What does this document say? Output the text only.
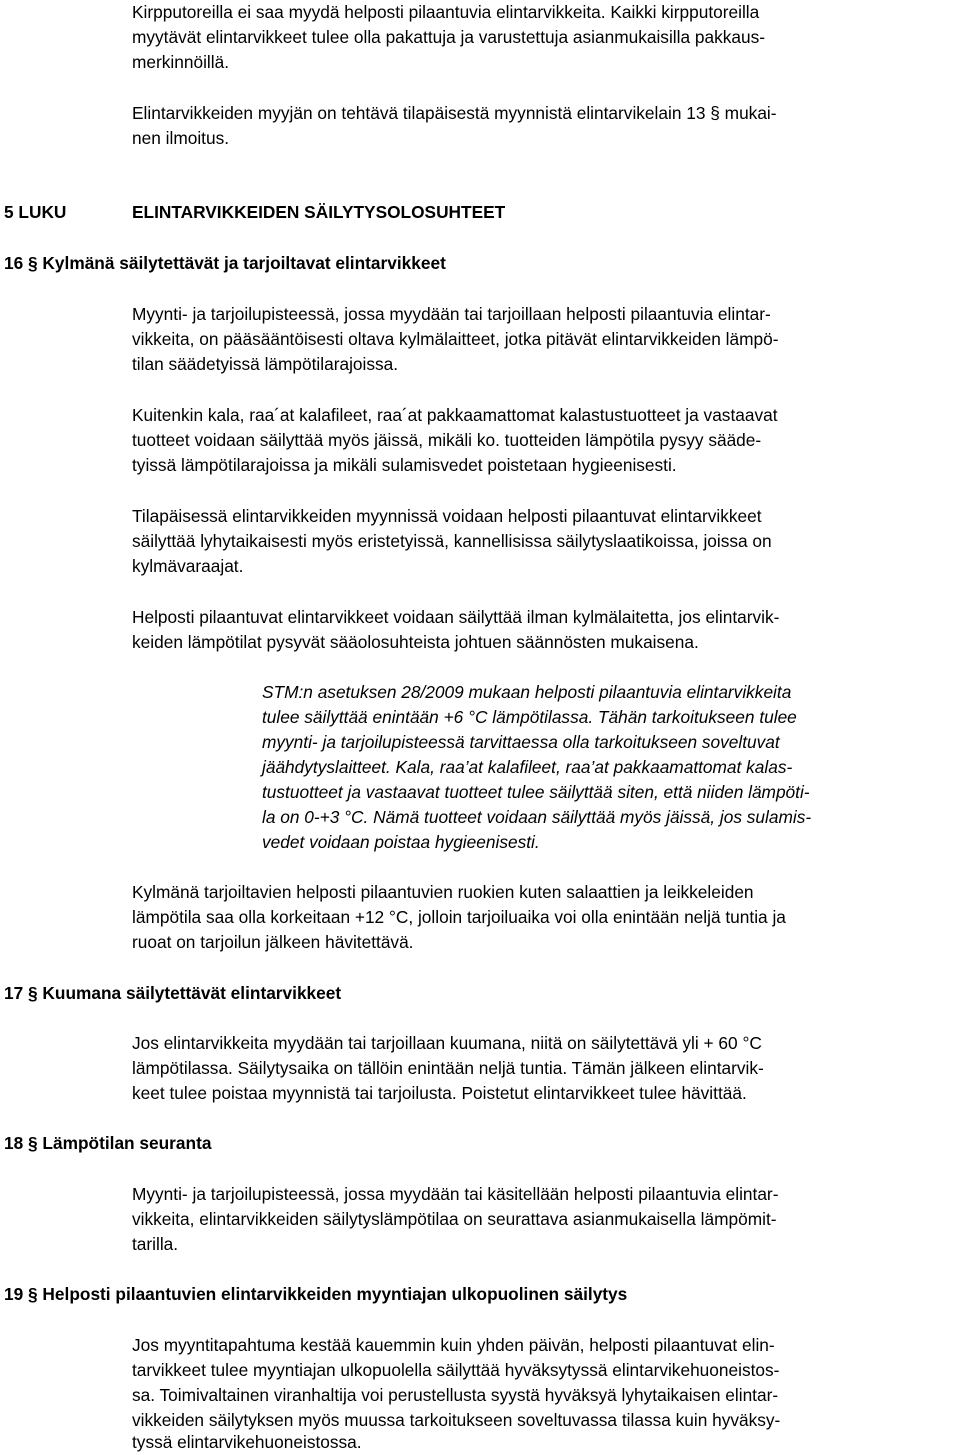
Kirpputoreilla ei saa myydä helposti pilaantuvia elintarvikkeita. Kaikki kirpputoreilla
myytävät elintarvikkeet tulee olla pakattuja ja varustettuja asianmukaisilla pakkaus-
merkinnöillä.
Elintarvikkeiden myyjän on tehtävä tilapäisestä myynnistä elintarvikelain 13 § mukai-
nen ilmoitus.
5 LUKU	ELINTARVIKKEIDEN SÄILYTYSOLOSUHTEET
16 § Kylmänä säilytettävät ja tarjoiltavat elintarvikkeet
Myynti- ja tarjoilupisteessä, jossa myydään tai tarjoillaan helposti pilaantuvia elintar-
vikkeita, on pääsääntöisesti oltava kylmälaitteet, jotka pitävät elintarvikkeiden lämpö-
tilan säädetyissä lämpötilarajoissa.
Kuitenkin kala, raa´at kalafileet, raa´at pakkaamattomat kalastustuotteet ja vastaavat
tuotteet voidaan säilyttää myös jäissä, mikäli ko. tuotteiden lämpötila pysyy sääde-
tyissä lämpötilarajoissa ja mikäli sulamisvedet poistetaan hygieenisesti.
Tilapäisessä elintarvikkeiden myynnissä voidaan helposti pilaantuvat elintarvikkeet
säilyttää lyhytaikaisesti myös eristetyissä, kannellisissa säilytyslaatikoissa, joissa on
kylmävaraajat.
Helposti pilaantuvat elintarvikkeet voidaan säilyttää ilman kylmälaitetta, jos elintarvik-
keiden lämpötilat pysyvät sääolosuhteista johtuen säännösten mukaisena.
STM:n asetuksen 28/2009 mukaan helposti pilaantuvia elintarvikkeita
tulee säilyttää enintään +6 °C lämpötilassa. Tähän tarkoitukseen tulee
myynti- ja tarjoilupisteessä tarvittaessa olla tarkoitukseen soveltuvat
jäähdytyslaitteet. Kala, raa’at kalafileet, raa’at pakkaamattomat kalas-
tustuotteet ja vastaavat tuotteet tulee säilyttää siten, että niiden lämpöti-
la on 0-+3 °C. Nämä tuotteet voidaan säilyttää myös jäissä, jos sulamis-
vedet voidaan poistaa hygieenisesti.
Kylmänä tarjoiltavien helposti pilaantuvien ruokien kuten salaattien ja leikkeleiden
lämpötila saa olla korkeitaan +12 °C, jolloin tarjoiluaika voi olla enintään neljä tuntia ja
ruoat on tarjoilun jälkeen hävitettävä.
17 § Kuumana säilytettävät elintarvikkeet
Jos elintarvikkeita myydään tai tarjoillaan kuumana, niitä on säilytettävä yli + 60 °C
lämpötilassa. Säilytysaika on tällöin enintään neljä tuntia. Tämän jälkeen elintarvik-
keet tulee poistaa myynnistä tai tarjoilusta. Poistetut elintarvikkeet tulee hävittää.
18 § Lämpötilan seuranta
Myynti- ja tarjoilupisteessä, jossa myydään tai käsitellään helposti pilaantuvia elintar-
vikkeita, elintarvikkeiden säilytyslämpötilaa on seurattava asianmukaisella lämpömit-
tarilla.
19 § Helposti pilaantuvien elintarvikkeiden myyntiajan ulkopuolinen säilytys
Jos myyntitapahtuma kestää kauemmin kuin yhden päivän, helposti pilaantuvat elin-
tarvikkeet tulee myyntiajan ulkopuolella säilyttää hyväksytyssä elintarvikehuoneistos-
sa. Toimivaltainen viranhaltija voi perustellusta syystä hyväksyä lyhytaikaisen elintar-
vikkeiden säilytyksen myös muussa tarkoitukseen soveltuvassa tilassa kuin hyväksy-
tyssä elintarvikehuoneistossa.
